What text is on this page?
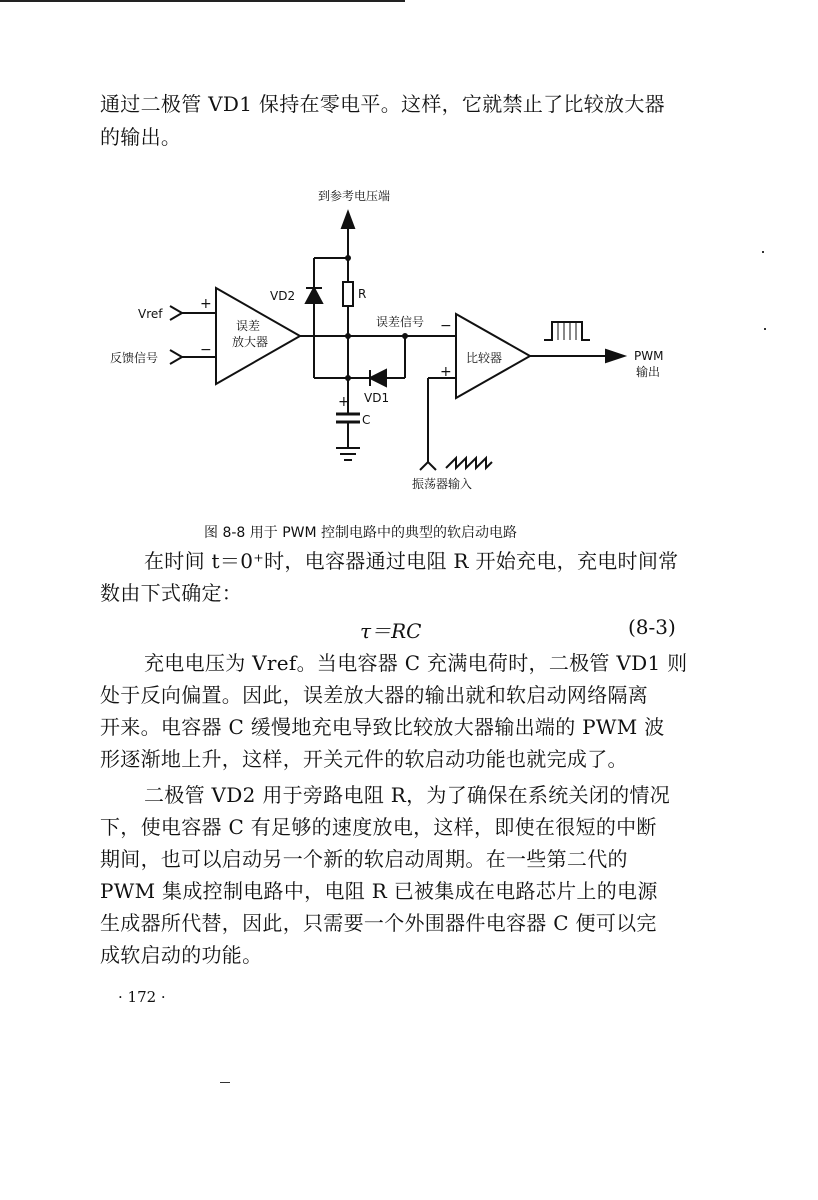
通过二极管 VD1 保持在零电平。这样，它就禁止了比较放大器
的输出。
到参考电压端
Vref
反馈信号
+
−
误差
放大器
VD2	R
误差信号 −
+
比较器
VD1
+
C
PWM
输出
振荡器输入
图 8-8 用于 PWM 控制电路中的典型的软启动电路
在时间 t＝0⁺时，电容器通过电阻 R 开始充电，充电时间常
数由下式确定：
τ＝RC	(8-3)
充电电压为 Vref。当电容器 C 充满电荷时，二极管 VD1 则
处于反向偏置。因此，误差放大器的输出就和软启动网络隔离
开来。电容器 C 缓慢地充电导致比较放大器输出端的 PWM 波
形逐渐地上升，这样，开关元件的软启动功能也就完成了。
二极管 VD2 用于旁路电阻 R，为了确保在系统关闭的情况
下，使电容器 C 有足够的速度放电，这样，即使在很短的中断
期间，也可以启动另一个新的软启动周期。在一些第二代的
PWM 集成控制电路中，电阻 R 已被集成在电路芯片上的电源
生成器所代替，因此，只需要一个外围器件电容器 C 便可以完
成软启动的功能。
· 172 ·
